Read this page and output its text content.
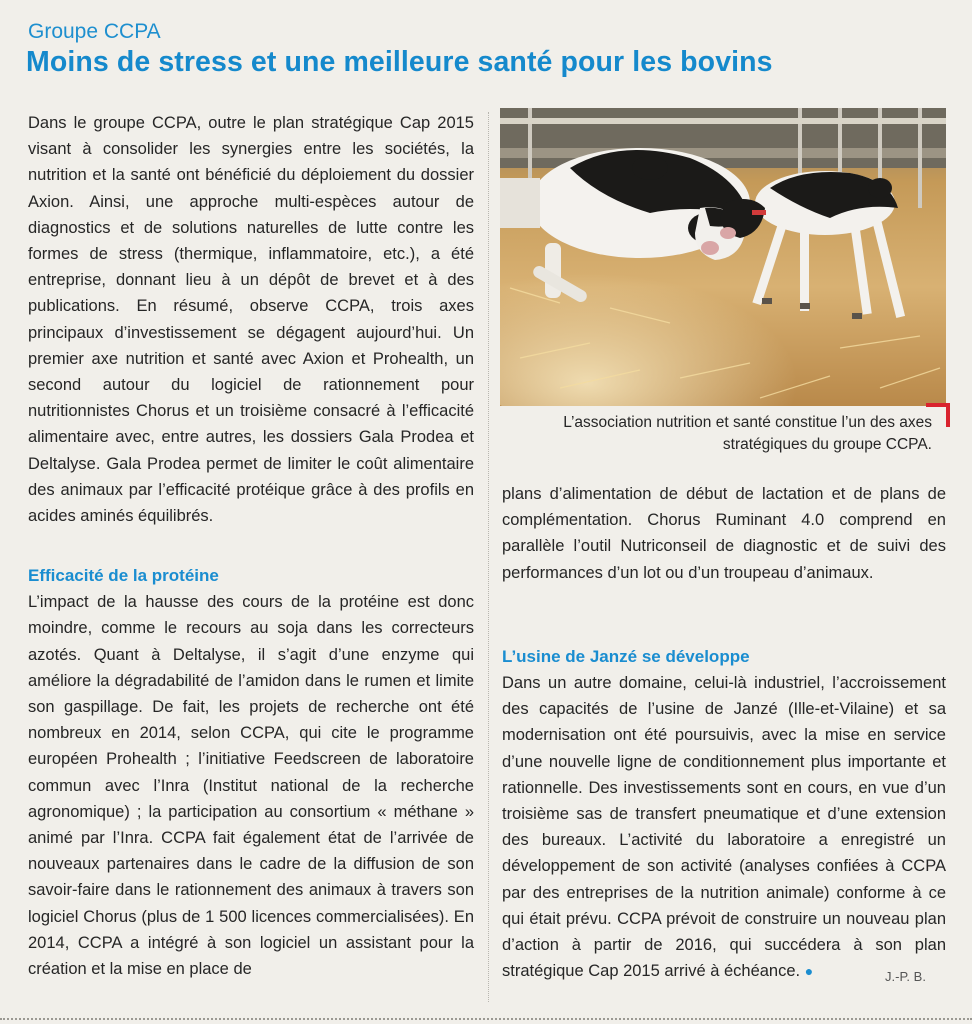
Groupe CCPA
Moins de stress et une meilleure santé pour les bovins

Dans le groupe CCPA, outre le plan stratégique Cap 2015 visant à consolider les synergies entre les sociétés, la nutrition et la santé ont bénéficié du déploiement du dossier Axion. Ainsi, une approche multi-espèces autour de diagnostics et de solutions naturelles de lutte contre les formes de stress (thermique, inflammatoire, etc.), a été entreprise, donnant lieu à un dépôt de brevet et à des publications. En résumé, observe CCPA, trois axes principaux d’investissement se dégagent aujourd’hui. Un premier axe nutrition et santé avec Axion et Prohealth, un second autour du logiciel de rationnement pour nutritionnistes Chorus et un troisième consacré à l’efficacité alimentaire avec, entre autres, les dossiers Gala Prodea et Deltalyse. Gala Prodea permet de limiter le coût alimentaire des animaux par l’efficacité protéique grâce à des profils en acides aminés équilibrés.

Efficacité de la protéine

L’impact de la hausse des cours de la protéine est donc moindre, comme le recours au soja dans les correcteurs azotés. Quant à Deltalyse, il s’agit d’une enzyme qui améliore la dégradabilité de l’amidon dans le rumen et limite son gaspillage. De fait, les projets de recherche ont été nombreux en 2014, selon CCPA, qui cite le programme européen Prohealth ; l’initiative Feedscreen de laboratoire commun avec l’Inra (Institut national de la recherche agronomique) ; la participation au consortium « méthane » animé par l’Inra. CCPA fait également état de l’arrivée de nouveaux partenaires dans le cadre de la diffusion de son savoir-faire dans le rationnement des animaux à travers son logiciel Chorus (plus de 1 500 licences commercialisées). En 2014, CCPA a intégré à son logiciel un assistant pour la création et la mise en place de

L’association nutrition et santé constitue l’un des axes stratégiques du groupe CCPA.

plans d’alimentation de début de lactation et de plans de complémentation. Chorus Ruminant 4.0 comprend en parallèle l’outil Nutriconseil de diagnostic et de suivi des performances d’un lot ou d’un troupeau d’animaux.

L’usine de Janzé se développe

Dans un autre domaine, celui-là industriel, l’accroissement des capacités de l’usine de Janzé (Ille-et-Vilaine) et sa modernisation ont été poursuivis, avec la mise en service d’une nouvelle ligne de conditionnement plus importante et rationnelle. Des investissements sont en cours, en vue d’un troisième sas de transfert pneumatique et d’une extension des bureaux. L’activité du laboratoire a enregistré un développement de son activité (analyses confiées à CCPA par des entreprises de la nutrition animale) conforme à ce qui était prévu. CCPA prévoit de construire un nouveau plan d’action à partir de 2016, qui succédera à son plan stratégique Cap 2015 arrivé à échéance. ●	J.-P. B.
